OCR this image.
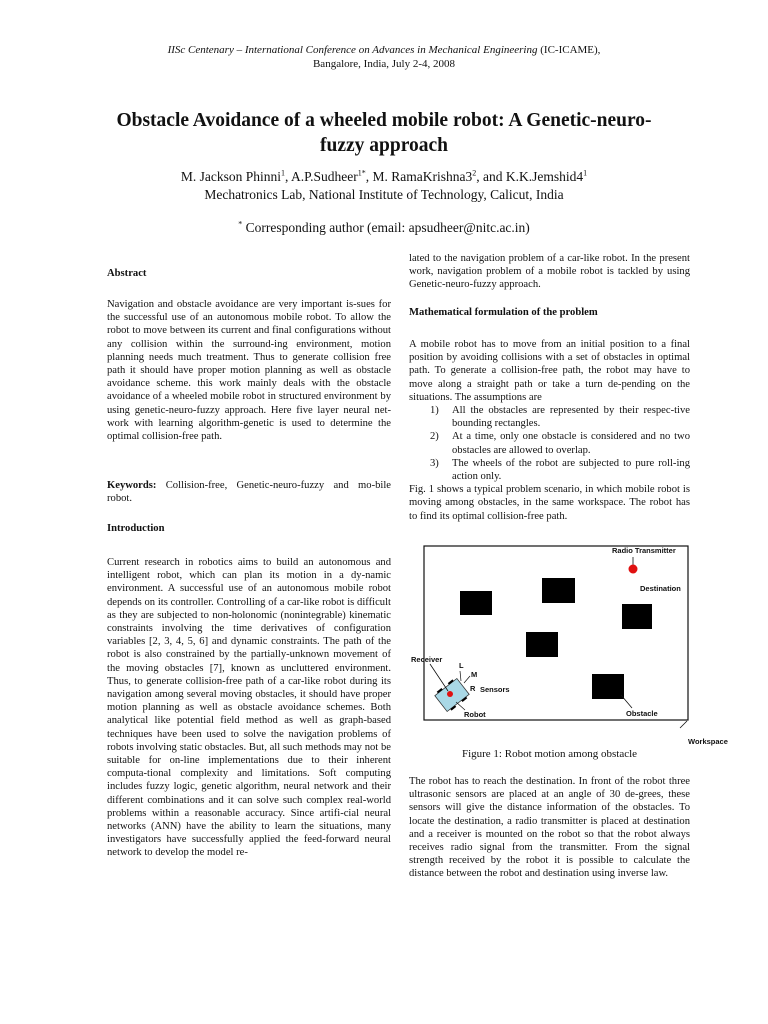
IISc Centenary – International Conference on Advances in Mechanical Engineering (IC-ICAME),
Bangalore, India, July 2-4, 2008
Obstacle Avoidance of a wheeled mobile robot: A Genetic-neuro-fuzzy approach
M. Jackson Phinni$^1$, A.P.Sudheer$^{1*}$, M. $RamaKrishna3^2$, and $K.K.Jemshid4^1$
Mechatronics Lab, National Institute of Technology, Calicut, India
* Corresponding author (email: apsudheer@nitc.ac.in)
Abstract

Navigation and obstacle avoidance are very important is-sues for the successful use of an autonomous mobile robot. To allow the robot to move between its current and final configurations without any collision within the surround-ing environment, motion planning needs much treatment. Thus to generate collision free path it should have proper motion planning as well as obstacle avoidance scheme. this work mainly deals with the obstacle avoidance of a wheeled mobile robot in structured environment by using genetic-neuro-fuzzy approach. Here five layer neural net-work with learning algorithm-genetic is used to determine the optimal collision-free path.

Keywords: Collision-free, Genetic-neuro-fuzzy and mo-bile robot.

Introduction

Current research in robotics aims to build an autonomous and intelligent robot, which can plan its motion in a dy-namic environment. A successful use of an autonomous mobile robot depends on its controller. Controlling of a car-like robot is difficult as they are subjected to non-holonomic (nonintegrable) kinematic constraints involving the time derivatives of configuration variables [2, 3, 4, 5, 6] and dynamic constraints. The path of the robot is also constrained by the partially-unknown movement of the moving obstacles [7], known as uncluttered environment. Thus, to generate collision-free path of a car-like robot during its navigation among several moving obstacles, it should have proper motion planning as well as obstacle avoidance schemes. Both analytical like potential field method as well as graph-based techniques have been used to solve the navigation problems of robots involving static obstacles. But, all such methods may not be suitable for on-line implementations due to their inherent computa-tional complexity and limitations. Soft computing includes fuzzy logic, genetic algorithm, neural network and their different combinations and it can solve such complex real-world problems within a reasonable accuracy. Since artifi-cial neural networks (ANN) have the ability to learn the situations, many investigators have successfully applied the feed-forward neural network to develop the model re-

lated to the navigation problem of a car-like robot. In the present work, navigation problem of a mobile robot is tackled by using Genetic-neuro-fuzzy approach.

Mathematical formulation of the problem

A mobile robot has to move from an initial position to a final position by avoiding collisions with a set of obstacles in optimal path. To generate a collision-free path, the robot may have to move along a straight path or take a turn de-pending on the situations. The assumptions are

1) All the obstacles are represented by their respec-tive bounding rectangles.
2) At a time, only one obstacle is considered and no two obstacles are allowed to overlap.
3) The wheels of the robot are subjected to pure roll-ing action only.

Fig. 1 shows a typical problem scenario, in which mobile robot is moving among obstacles, in the same workspace. The robot has to find its optimal collision-free path.

Radio Transmitter
Destination
Receiver
L
M
R Sensors
Robot	Obstacle
Workspace
Figure 1: Robot motion among obstacle

The robot has to reach the destination. In front of the robot three ultrasonic sensors are placed at an angle of 30 de-grees, these sensors will give the distance information of the obstacles. To locate the destination, a radio transmitter is placed at destination and a receiver is mounted on the robot so that the robot always receives radio signal from the transmitter. From the signal strength received by the robot it is possible to calculate the distance between the robot and destination using inverse law.
